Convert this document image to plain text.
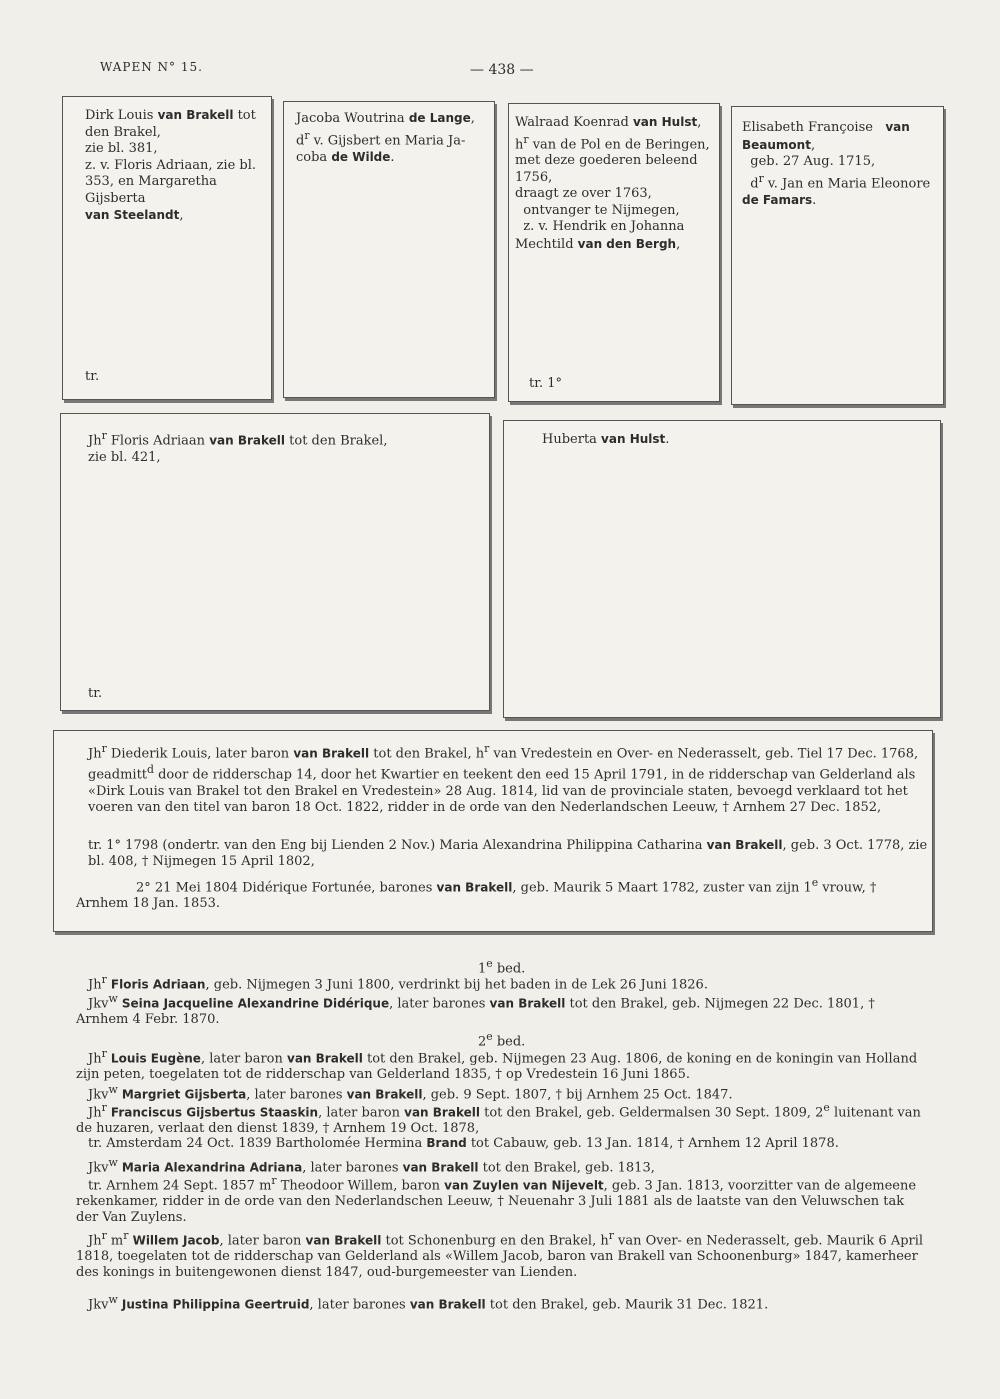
WAPEN N° 15.	— 438 —
Dirk Louis van Brakell tot
den Brakel,
zie bl. 381,
z. v. Floris Adriaan, zie bl.
353, en Margaretha Gijsberta
van Steelandt,
tr.
Jacoba Woutrina de Lange,
$d^r$ v. Gijsbert en Maria Ja-
coba de Wilde.
Walraad Koenrad van Hulst,
$h^r$ van de Pol en de Beringen,
met deze goederen beleend 1756,
draagt ze over 1763,
ontvanger te Nijmegen,
z. v. Hendrik en Johanna
Mechtild van den Bergh,
tr. 1°
Elisabeth Françoise   van
Beaumont,
geb. 27 Aug. 1715,
$d^r$ v. Jan en Maria Eleonore
de Famars.
Jh$^r$ Floris Adriaan van Brakell tot den Brakel,
zie bl. 421,
tr.
Huberta van Hulst.
Jh$^r$ Diederik Louis, later baron van Brakell tot den Brakel, $h^r$ van Vredestein en Over- en Nederasselt, geb. Tiel 17 Dec. 1768, geadmitt$^d$ door de ridderschap 14, door het Kwartier en teekent den eed 15 April 1791, in de ridderschap van Gelderland als «Dirk Louis van Brakel tot den Brakel en Vredestein» 28 Aug. 1814, lid van de provinciale staten, bevoegd verklaard tot het voeren van den titel van baron 18 Oct. 1822, ridder in de orde van den Nederlandschen Leeuw, † Arnhem 27 Dec. 1852,
tr. 1° 1798 (ondertr. van den Eng bij Lienden 2 Nov.) Maria Alexandrina Philippina Catharina van Brakell, geb. 3 Oct. 1778, zie bl. 408, † Nijmegen 15 April 1802,
2° 21 Mei 1804 Didérique Fortunée, barones van Brakell, geb. Maurik 5 Maart 1782, zuster van zijn 1e vrouw, † Arnhem 18 Jan. 1853.
1e bed.
Jh$^r$ Floris Adriaan, geb. Nijmegen 3 Juni 1800, verdrinkt bij het baden in de Lek 26 Juni 1826.
Jkv$^w$ Seina Jacqueline Alexandrine Didérique, later barones van Brakell tot den Brakel, geb. Nijmegen 22 Dec. 1801, † Arnhem 4 Febr. 1870.
2e bed.
Jh$^r$ Louis Eugène, later baron van Brakell tot den Brakel, geb. Nijmegen 23 Aug. 1806, de koning en de koningin van Holland zijn peten, toegelaten tot de ridderschap van Gelderland 1835, † op Vredestein 16 Juni 1865.
Jkv$^w$ Margriet Gijsberta, later barones van Brakell, geb. 9 Sept. 1807, † bij Arnhem 25 Oct. 1847.
Jh$^r$ Franciscus Gijsbertus Staaskin, later baron van Brakell tot den Brakel, geb. Geldermalsen 30 Sept. 1809, 2e luitenant van de huzaren, verlaat den dienst 1839, † Arnhem 19 Oct. 1878,
tr. Amsterdam 24 Oct. 1839 Bartholomée Hermina Brand tot Cabauw, geb. 13 Jan. 1814, † Arnhem 12 April 1878.
Jkv$^w$ Maria Alexandrina Adriana, later barones van Brakell tot den Brakel, geb. 1813,
tr. Arnhem 24 Sept. 1857 $m^r$ Theodoor Willem, baron van Zuylen van Nijevelt, geb. 3 Jan. 1813, voorzitter van de algemeene rekenkamer, ridder in de orde van den Nederlandschen Leeuw, † Neuenahr 3 Juli 1881 als de laatste van den Veluwschen tak der Van Zuylens.
Jh$^r$ $m^r$ Willem Jacob, later baron van Brakell tot Schonenburg en den Brakel, $h^r$ van Over- en Nederasselt, geb. Maurik 6 April 1818, toegelaten tot de ridderschap van Gelderland als «Willem Jacob, baron van Brakell van Schoonenburg» 1847, kamerheer des konings in buitengewonen dienst 1847, oud-burgemeester van Lienden.
Jkv$^w$ Justina Philippina Geertruid, later barones van Brakell tot den Brakel, geb. Maurik 31 Dec. 1821.
